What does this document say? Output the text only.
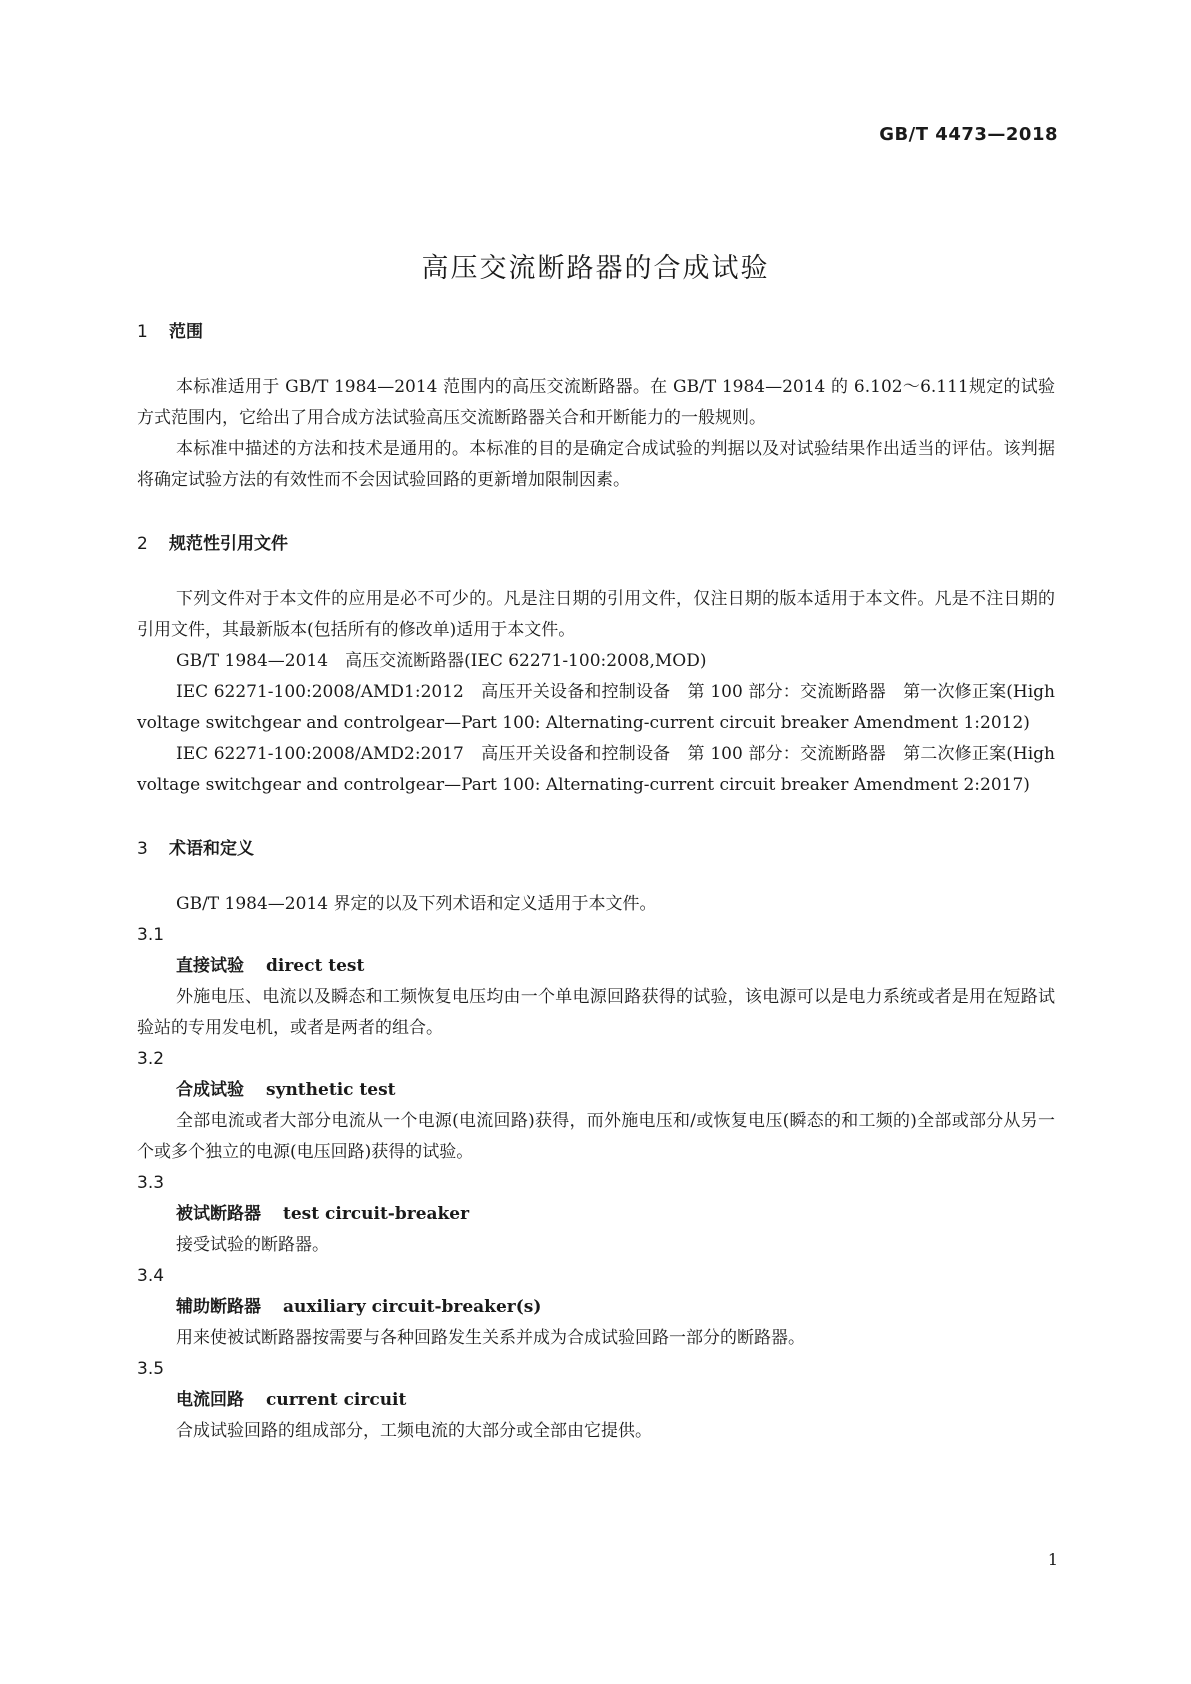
GB/T 4473—2018
高压交流断路器的合成试验

1 范围

本标准适用于 GB/T 1984—2014 范围内的高压交流断路器。在 GB/T 1984—2014 的 6.102～6.111规定的试验方式范围内，它给出了用合成方法试验高压交流断路器关合和开断能力的一般规则。

本标准中描述的方法和技术是通用的。本标准的目的是确定合成试验的判据以及对试验结果作出适当的评估。该判据将确定试验方法的有效性而不会因试验回路的更新增加限制因素。

2 规范性引用文件

下列文件对于本文件的应用是必不可少的。凡是注日期的引用文件，仅注日期的版本适用于本文件。凡是不注日期的引用文件，其最新版本(包括所有的修改单)适用于本文件。

GB/T 1984—2014　高压交流断路器(IEC 62271-100:2008,MOD)

IEC 62271-100:2008/AMD1:2012　高压开关设备和控制设备　第 100 部分：交流断路器　第一次修正案(High voltage switchgear and controlgear—Part 100: Alternating-current circuit breaker Amendment 1:2012)

IEC 62271-100:2008/AMD2:2017　高压开关设备和控制设备　第 100 部分：交流断路器　第二次修正案(High voltage switchgear and controlgear—Part 100: Alternating-current circuit breaker Amendment 2:2017)

3 术语和定义

GB/T 1984—2014 界定的以及下列术语和定义适用于本文件。

3.1

直接试验 direct test

外施电压、电流以及瞬态和工频恢复电压均由一个单电源回路获得的试验，该电源可以是电力系统或者是用在短路试验站的专用发电机，或者是两者的组合。

3.2

合成试验 synthetic test

全部电流或者大部分电流从一个电源(电流回路)获得，而外施电压和/或恢复电压(瞬态的和工频的)全部或部分从另一个或多个独立的电源(电压回路)获得的试验。

3.3

被试断路器 test circuit-breaker

接受试验的断路器。

3.4

辅助断路器 auxiliary circuit-breaker(s)

用来使被试断路器按需要与各种回路发生关系并成为合成试验回路一部分的断路器。

3.5

电流回路 current circuit

合成试验回路的组成部分，工频电流的大部分或全部由它提供。

1
